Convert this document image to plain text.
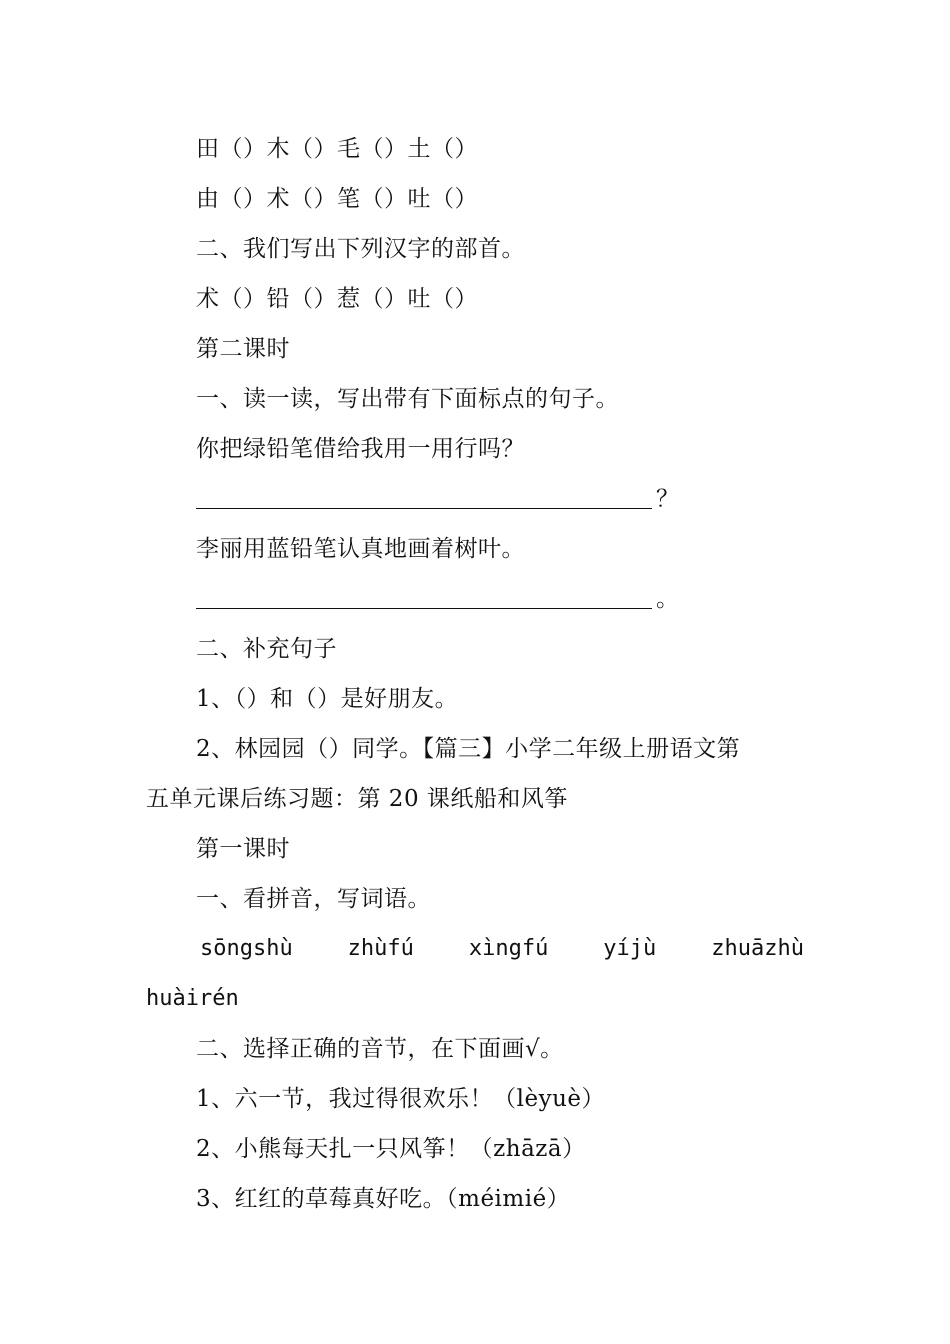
田（）木（）毛（）土（）
由（）术（）笔（）吐（）
二、我们写出下列汉字的部首。
术（）铅（）惹（）吐（）
第二课时
一、读一读，写出带有下面标点的句子。
你把绿铅笔借给我用一用行吗？
？
李丽用蓝铅笔认真地画着树叶。
。
二、补充句子
1、（）和（）是好朋友。
2、林园园（）同学。【篇三】小学二年级上册语文第
五单元课后练习题：第 20 课纸船和风筝
第一课时
一、看拼音，写词语。
sōngshù zhùfú xìngfú yíjù zhuāzhù
huàirén
二、选择正确的音节，在下面画√。
1、六一节，我过得很欢乐！（lèyuè）
2、小熊每天扎一只风筝！（zhāzā）
3、红红的草莓真好吃。（méimié）
